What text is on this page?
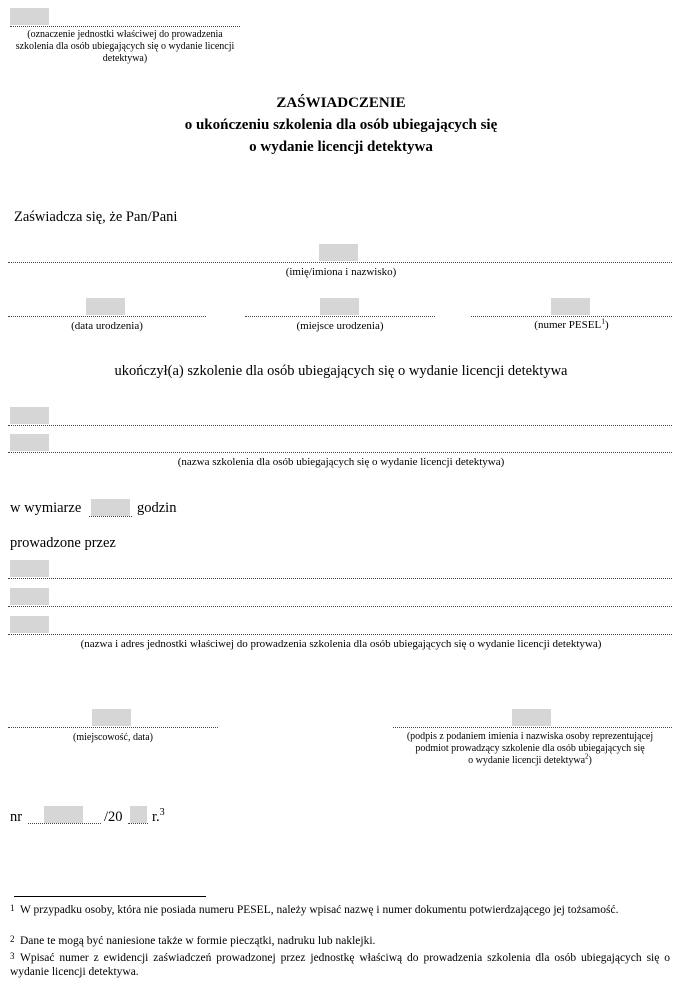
(oznaczenie jednostki właściwej do prowadzenia szkolenia dla osób ubiegających się o wydanie licencji detektywa)
ZAŚWIADCZENIE
o ukończeniu szkolenia dla osób ubiegających się
o wydanie licencji detektywa
Zaświadcza się, że Pan/Pani
(imię/imiona i nazwisko)
(data urodzenia)	(miejsce urodzenia)	(numer PESEL$^1$)
ukończył(a) szkolenie dla osób ubiegających się o wydanie licencji detektywa
(nazwa szkolenia dla osób ubiegających się o wydanie licencji detektywa)
w wymiarze	godzin
prowadzone przez
(nazwa i adres jednostki właściwej do prowadzenia szkolenia dla osób ubiegających się o wydanie licencji detektywa)
(miejscowość, data)	(podpis z podaniem imienia i nazwiska osoby reprezentującej
podmiot prowadzący szkolenie dla osób ubiegających się
o wydanie licencji detektywa$^2$)
nr	/20 r.$^3$
1 W przypadku osoby, która nie posiada numeru PESEL, należy wpisać nazwę i numer dokumentu potwierdzającego jej tożsamość.
2 Dane te mogą być naniesione także w formie pieczątki, nadruku lub naklejki.
3 Wpisać numer z ewidencji zaświadczeń prowadzonej przez jednostkę właściwą do prowadzenia szkolenia dla osób ubiegających się o wydanie licencji detektywa.
